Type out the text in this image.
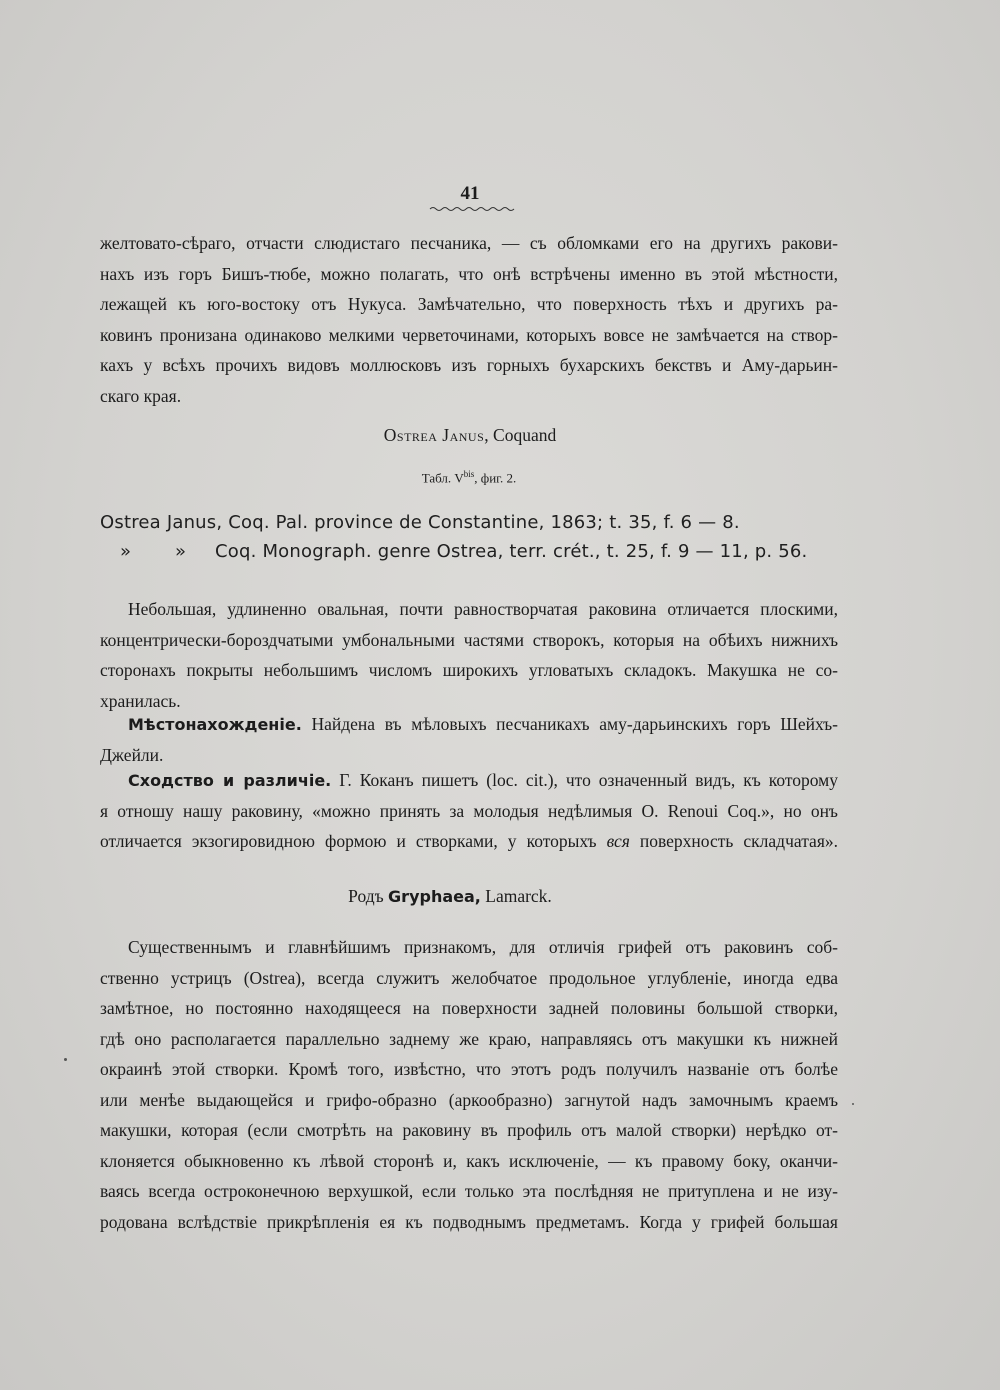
41
желтовато-сѣраго, отчасти слюдистаго песчаника, — съ обломками его на другихъ ракови-
нахъ изъ горъ Бишъ-тюбе, можно полагать, что онѣ встрѣчены именно въ этой мѣстности,
лежащей къ юго-востоку отъ Нукуса. Замѣчательно, что поверхность тѣхъ и другихъ ра-
ковинъ пронизана одинаково мелкими черветочинами, которыхъ вовсе не замѣчается на створ-
кахъ у всѣхъ прочихъ видовъ моллюсковъ изъ горныхъ бухарскихъ бекствъ и Аму-дарьин-
скаго края.
Ostrea Janus, Coquand
Табл. $V^{bis}$, фиг. 2.
Ostrea Janus, Coq. Pal. province de Constantine, 1863; t. 35, f. 6 — 8.
» » Coq. Monograph. genre Ostrea, terr. crét., t. 25, f. 9 — 11, p. 56.
Небольшая, удлиненно овальная, почти равностворчатая раковина отличается плоскими,
концентрически-бороздчатыми умбональными частями створокъ, которыя на обѣихъ нижнихъ
сторонахъ покрыты небольшимъ числомъ широкихъ угловатыхъ складокъ. Макушка не со-
хранилась.
Мѣстонахожденіе. Найдена въ мѣловыхъ песчаникахъ аму-дарьинскихъ горъ Шейхъ-
Джейли.
Сходство и различіе. Г. Коканъ пишетъ (loc. cit.), что означенный видъ, къ которому
я отношу нашу раковину, «можно принять за молодыя недѣлимыя O. Renoui Coq.», но онъ
отличается экзогировидною формою и створками, у которыхъ вся поверхность складчатая».
Родъ Gryphaea, Lamarck.
Существеннымъ и главнѣйшимъ признакомъ, для отличія грифей отъ раковинъ соб-
ственно устрицъ (Ostrea), всегда служитъ желобчатое продольное углубленіе, иногда едва
замѣтное, но постоянно находящееся на поверхности задней половины большой створки,
гдѣ оно располагается параллельно заднему же краю, направляясь отъ макушки къ нижней
окраинѣ этой створки. Кромѣ того, извѣстно, что этотъ родъ получилъ названіе отъ болѣе
или менѣе выдающейся и грифо-образно (аркообразно) загнутой надъ замочнымъ краемъ
макушки, которая (если смотрѣть на раковину въ профиль отъ малой створки) нерѣдко от-
клоняется обыкновенно къ лѣвой сторонѣ и, какъ исключеніе, — къ правому боку, оканчи-
ваясь всегда остроконечною верхушкой, если только эта послѣдняя не притуплена и не изу-
родована вслѣдствіе прикрѣпленія ея къ подводнымъ предметамъ. Когда у грифей большая
